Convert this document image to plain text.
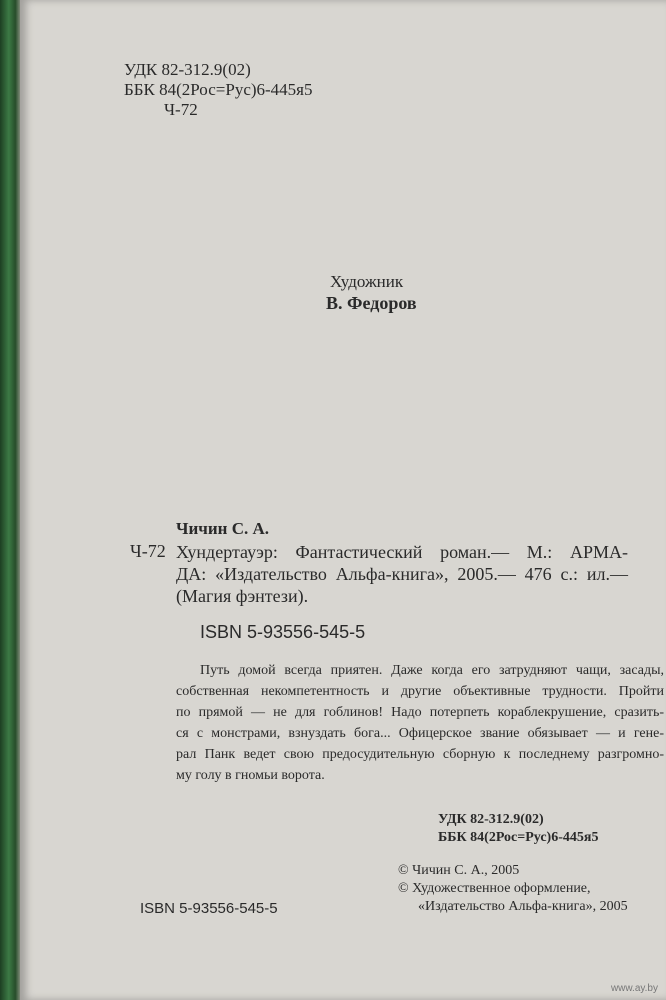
УДК 82-312.9(02)
ББК 84(2Рос=Рус)6-445я5
Ч-72
Художник
В. Федоров
Чичин С. А.
Ч-72 Хундертауэр: Фантастический роман.— М.: АРМА-
ДА: «Издательство Альфа-книга», 2005.— 476 с.: ил.—
(Магия фэнтези).
ISBN 5-93556-545-5
Путь домой всегда приятен. Даже когда его затрудняют чащи, засады,
собственная некомпетентность и другие объективные трудности. Пройти
по прямой — не для гоблинов! Надо потерпеть кораблекрушение, сразить-
ся с монстрами, взнуздать бога... Офицерское звание обязывает — и гене-
рал Панк ведет свою предосудительную сборную к последнему разгромно-
му голу в гномьи ворота.
УДК 82-312.9(02)
ББК 84(2Рос=Рус)6-445я5
© Чичин С. А., 2005
© Художественное оформление,
«Издательство Альфа-книга», 2005
ISBN 5-93556-545-5
www.ay.by
